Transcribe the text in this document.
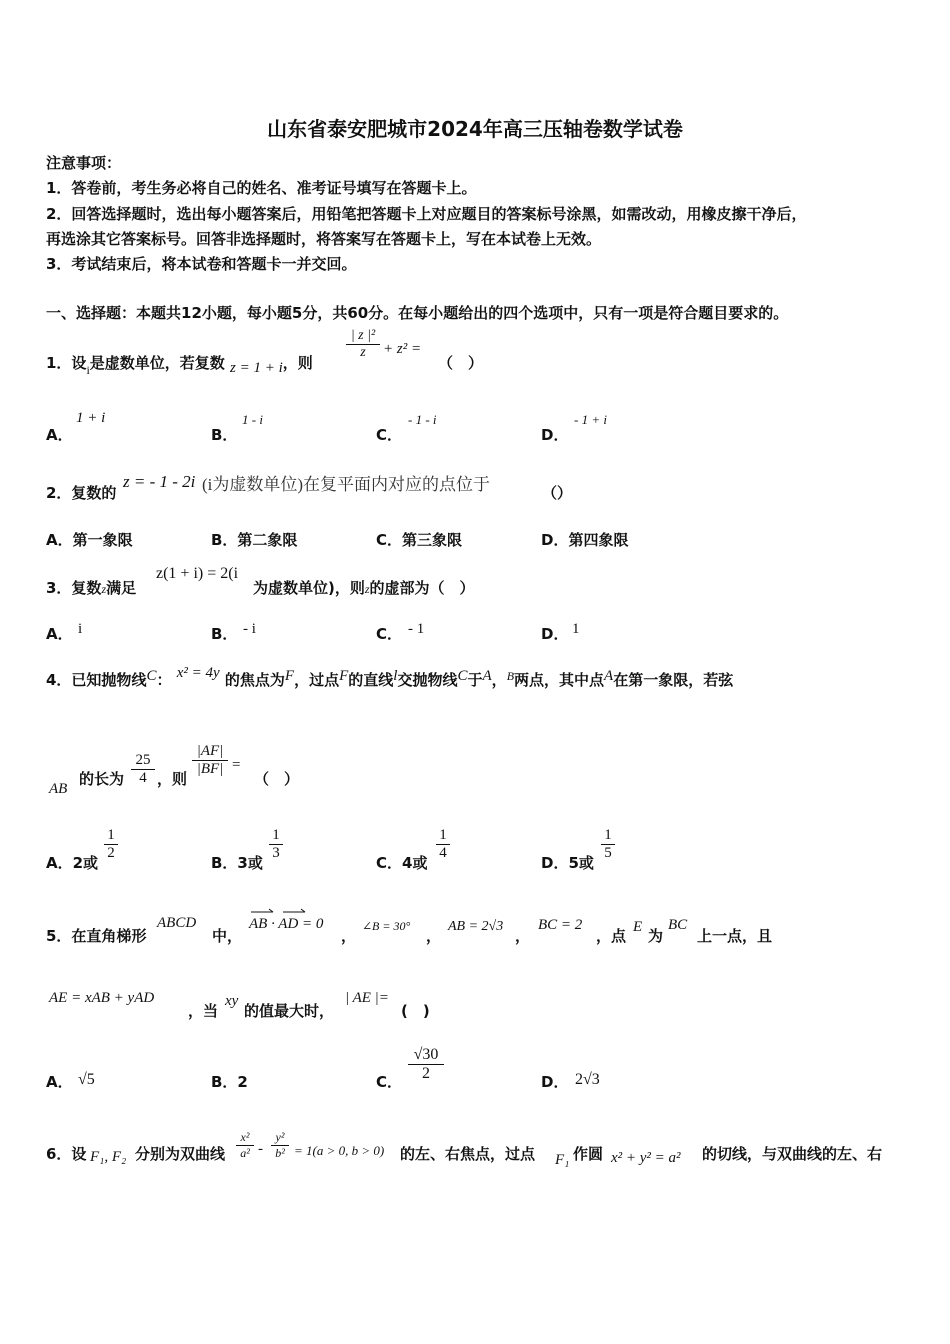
山东省泰安肥城市2024年高三压轴卷数学试卷
注意事项：
1．答卷前，考生务必将自己的姓名、准考证号填写在答题卡上。
2．回答选择题时，选出每小题答案后，用铅笔把答题卡上对应题目的答案标号涂黑，如需改动，用橡皮擦干净后，
再选涂其它答案标号。回答非选择题时，将答案写在答题卡上，写在本试卷上无效。
3．考试结束后，将本试卷和答题卡一并交回。
一、选择题：本题共12小题，每小题5分，共60分。在每小题给出的四个选项中，只有一项是符合题目要求的。
1．设$_i$是虚数单位，若复数 z = 1 + i，则
| z |²
z	+ z² =
（　）
A．
1 + i
B．
1 - i
C．
- 1 - i
D．
- 1 + i
2．复数的
z = - 1 - 2i (i为虚数单位)在复平面内对应的点位于	（）
A．第一象限	B．第二象限	C．第三象限	D．第四象限
3．复数z满足
z(1 + i) = 2(i
为虚数单位)，则z的虚部为（　）
A． i	B． - i	C． - 1	D． 1
4．已知抛物线C： x² = 4y 的焦点为F，过点F的直线l交抛物线C于A，$^B$两点，其中点A在第一象限，若弦
AB
的长为
25
4 ，则
|AF|
|BF| =
（　）
A．2或
1
2
B．3或
1
3
C．4或
1
4
D．5或
1
5
5．在直角梯形
ABCD
中，
AB · AD = 0
，
∠B = 30°
，
AB = 2√3
，
BC = 2
，点 E 为
BC
上一点，且
AE = xAB + yAD
，当
xy
的值最大时，
| AE |=
(　)
A． √5	B．2	C．
√30
2	D． 2√3
6．设 F₁, F₂ 分别为双曲线
x²
a² -
y²
b² = 1(a > 0, b > 0) 的左、右焦点，过点 F₁ 作圆 x² + y² = a² 的切线，与双曲线的左、右
